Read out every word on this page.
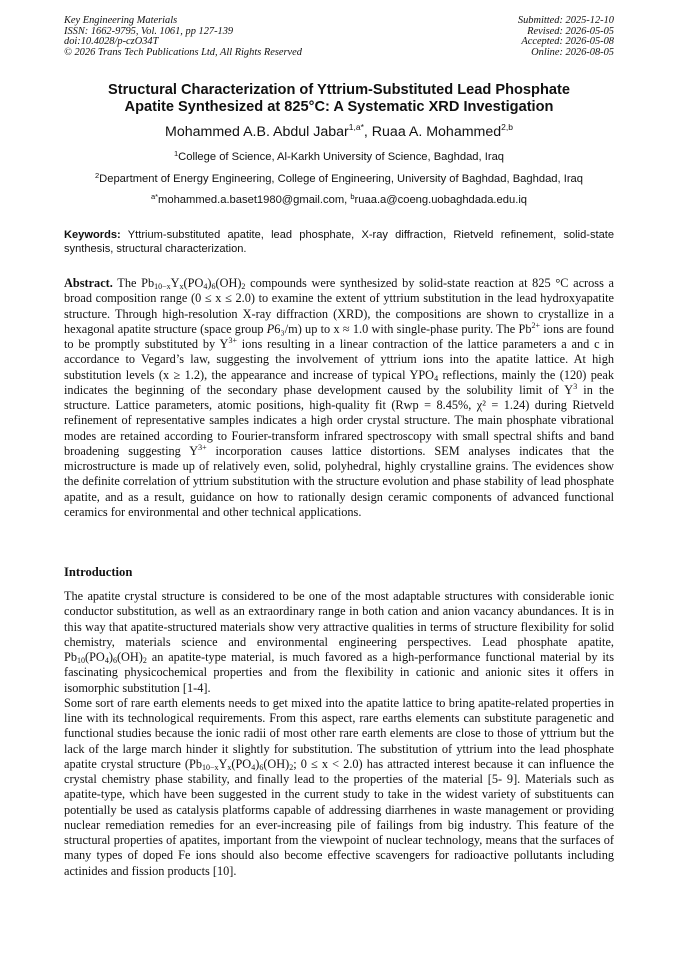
Key Engineering Materials
ISSN: 1662-9795, Vol. 1061, pp 127-139
doi:10.4028/p-czO34T
© 2026 Trans Tech Publications Ltd, All Rights Reserved
Submitted: 2025-12-10
Revised: 2026-05-05
Accepted: 2026-05-08
Online: 2026-08-05
Structural Characterization of Yttrium-Substituted Lead Phosphate
Apatite Synthesized at 825°C: A Systematic XRD Investigation
Mohammed A.B. Abdul Jabar$^{1,a*}$, Ruaa A. Mohammed$^{2,b}$
$^1$College of Science, Al-Karkh University of Science, Baghdad, Iraq
$^2$Department of Energy Engineering, College of Engineering, University of Baghdad, Baghdad, Iraq
$^{a*}$mohammed.a.baset1980@gmail.com, $^b$ruaa.a@coeng.uobaghdada.edu.iq
Keywords: Yttrium-substituted apatite, lead phosphate, X-ray diffraction, Rietveld refinement, solid-state synthesis, structural characterization.
Abstract. The $Pb_{10-x}Y_x(PO_4)_6(OH)_2$ compounds were synthesized by solid-state reaction at 825 °C across a broad composition range (0 ≤ x ≤ 2.0) to examine the extent of yttrium substitution in the lead hydroxyapatite structure. Through high-resolution X-ray diffraction (XRD), the compositions are shown to crystallize in a hexagonal apatite structure (space group P6₃/m) up to x ≈ 1.0 with single-phase purity. The $Pb^{2+}$ ions are found to be promptly substituted by $Y^{3+}$ ions resulting in a linear contraction of the lattice parameters a and c in accordance to Vegard’s law, suggesting the involvement of yttrium ions into the apatite lattice. At high substitution levels (x ≥ 1.2), the appearance and increase of typical $YPO_4$ reflections, mainly the (120) peak indicates the beginning of the secondary phase development caused by the solubility limit of $Y^3$ in the structure. Lattice parameters, atomic positions, high-quality fit (Rwp = 8.45%, χ² = 1.24) during Rietveld refinement of representative samples indicates a high order crystal structure. The main phosphate vibrational modes are retained according to Fourier-transform infrared spectroscopy with small spectral shifts and band broadening suggesting $Y^{3+}$ incorporation causes lattice distortions. SEM analyses indicates that the microstructure is made up of relatively even, solid, polyhedral, highly crystalline grains. The evidences show the definite correlation of yttrium substitution with the structure evolution and phase stability of lead phosphate apatite, and as a result, guidance on how to rationally design ceramic components of advanced functional ceramics for environmental and other technical applications.
Introduction

The apatite crystal structure is considered to be one of the most adaptable structures with considerable ionic conductor substitution, as well as an extraordinary range in both cation and anion vacancy abundances. It is in this way that apatite-structured materials show very attractive qualities in terms of structure flexibility for solid chemistry, materials science and environmental engineering perspectives. Lead phosphate apatite, $Pb_{10}(PO_4)_6(OH)_2$ an apatite-type material, is much favored as a high-performance functional material by its fascinating physicochemical properties and from the flexibility in cationic and anionic sites it offers in isomorphic substitution [1-4].

Some sort of rare earth elements needs to get mixed into the apatite lattice to bring apatite-related properties in line with its technological requirements. From this aspect, rare earths elements can substitute paragenetic and functional studies because the ionic radii of most other rare earth elements are close to those of yttrium but the lack of the large march hinder it slightly for substitution. The substitution of yttrium into the lead phosphate apatite crystal structure ($Pb_{10-x}Y_x(PO_4)_6(OH)_2$; 0 ≤ x < 2.0) has attracted interest because it can influence the crystal chemistry phase stability, and finally lead to the properties of the material [5- 9]. Materials such as apatite-type, which have been suggested in the current study to take in the widest variety of substituents can potentially be used as catalysis platforms capable of addressing diarrhenes in waste management or providing nuclear remediation remedies for an ever-increasing pile of failings from big industry. This feature of the structural properties of apatites, important from the viewpoint of nuclear technology, means that the surfaces of many types of doped Fe ions should also become effective scavengers for radioactive pollutants including actinides and fission products [10].
